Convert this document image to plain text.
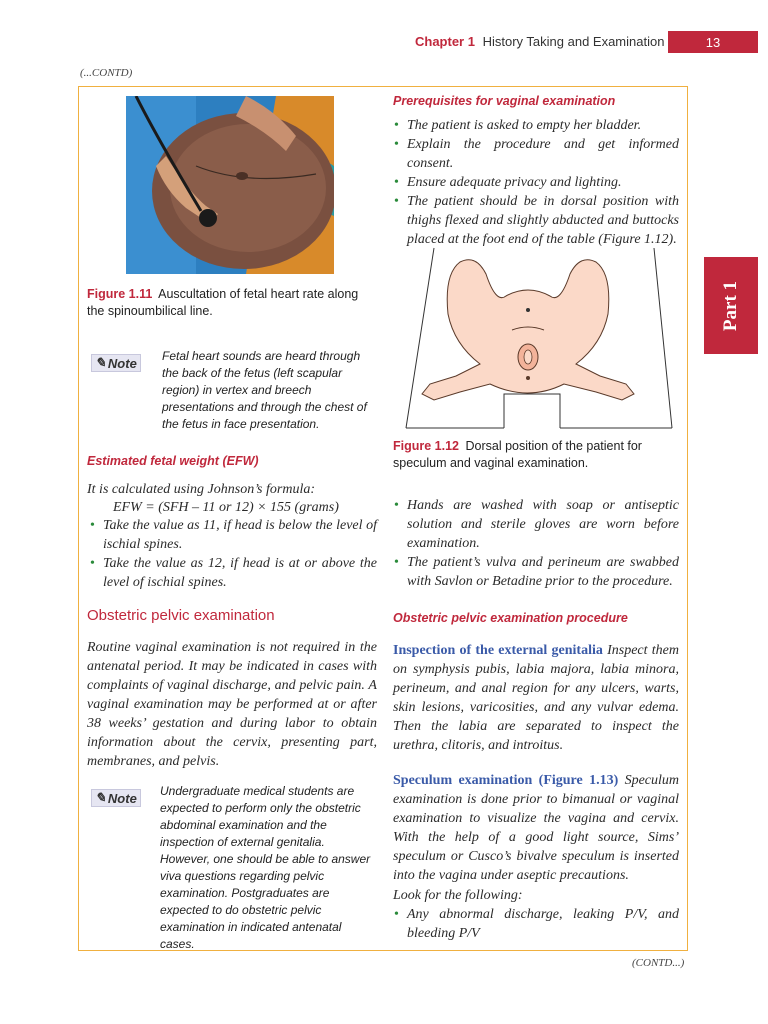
Chapter 1 History Taking and Examination	13
Part 1
(...CONTD)
Figure 1.11 Auscultation of fetal heart rate along the spinoumbilical line.
✎ Note Fetal heart sounds are heard through the back of the fetus (left scapular region) in vertex and breech presentations and through the chest of the fetus in face presentation.
Estimated fetal weight (EFW)
It is calculated using Johnson’s formula:
EFW = (SFH – 11 or 12) × 155 (grams)
• Take the value as 11, if head is below the level of ischial spines.
• Take the value as 12, if head is at or above the level of ischial spines.
Obstetric pelvic examination
Routine vaginal examination is not required in the antenatal period. It may be indicated in cases with complaints of vaginal discharge, and pelvic pain. A vaginal examination may be performed at or after 38 weeks’ gestation and during labor to obtain information about the cervix, presenting part, membranes, and pelvis.
✎ Note Undergraduate medical students are expected to perform only the obstetric abdominal examination and the inspection of external genitalia. However, one should be able to answer viva questions regarding pelvic examination. Postgraduates are expected to do obstetric pelvic examination in indicated antenatal cases.
Prerequisites for vaginal examination
• The patient is asked to empty her bladder.
• Explain the procedure and get informed consent.
• Ensure adequate privacy and lighting.
• The patient should be in dorsal position with thighs flexed and slightly abducted and buttocks placed at the foot end of the table (Figure 1.12).
Figure 1.12 Dorsal position of the patient for speculum and vaginal examination.
• Hands are washed with soap or antiseptic solution and sterile gloves are worn before examination.
• The patient’s vulva and perineum are swabbed with Savlon or Betadine prior to the procedure.
Obstetric pelvic examination procedure
Inspection of the external genitalia Inspect them on symphysis pubis, labia majora, labia minora, perineum, and anal region for any ulcers, warts, skin lesions, varicosities, and any vulvar edema. Then the labia are separated to inspect the urethra, clitoris, and introitus.
Speculum examination (Figure 1.13) Speculum examination is done prior to bimanual or vaginal examination to visualize the vagina and cervix. With the help of a good light source, Sims’ speculum or Cusco’s bivalve speculum is inserted into the vagina under aseptic precautions.
Look for the following:
• Any abnormal discharge, leaking P/V, and bleeding P/V
(CONTD...)
